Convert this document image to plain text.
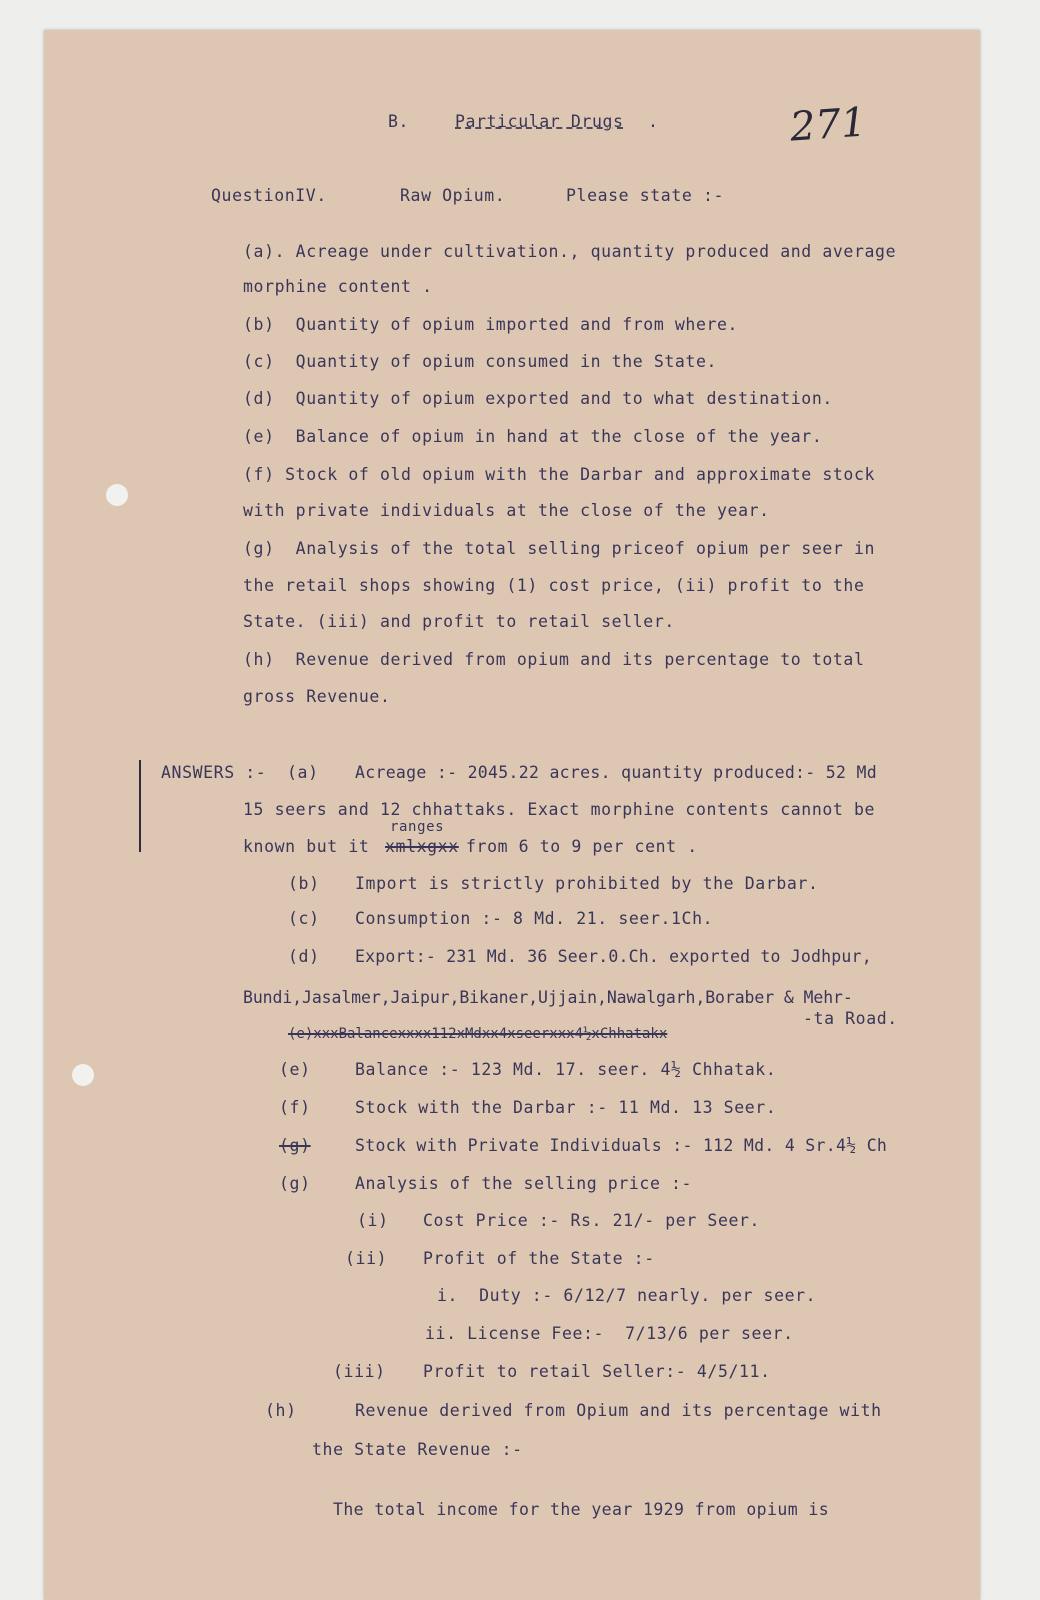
B.	Particular Drugs .	271
QuestionIV.	Raw Opium.	Please state :-
(a). Acreage under cultivation., quantity produced and average
morphine content .
(b)  Quantity of opium imported and from where.
(c)  Quantity of opium consumed in the State.
(d)  Quantity of opium exported and to what destination.
(e)  Balance of opium in hand at the close of the year.
(f) Stock of old opium with the Darbar and approximate stock
with private individuals at the close of the year.
(g)  Analysis of the total selling priceof opium per seer in
the retail shops showing (1) cost price, (ii) profit to the
State. (iii) and profit to retail seller.
(h)  Revenue derived from opium and its percentage to total
gross Revenue.
ANSWERS :- (a) Acreage :- 2045.22 acres. quantity produced:- 52 Md
15 seers and 12 chhattaks. Exact morphine contents cannot be
ranges
known but it xmlxgxx from 6 to 9 per cent .
(b) Import is strictly prohibited by the Darbar.
(c) Consumption :- 8 Md. 21. seer.1Ch.
(d) Export:- 231 Md. 36 Seer.0.Ch. exported to Jodhpur,
Bundi,Jasalmer,Jaipur,Bikaner,Ujjain,Nawalgarh,Boraber & Mehr-
-ta Road.
(e)xxxBalancexxxx112xMdxx4xseerxxx4½xChhatakx
(e)	Balance :- 123 Md. 17. seer. 4½ Chhatak.
(f)	Stock with the Darbar :- 11 Md. 13 Seer.
(g)	Stock with Private Individuals :- 112 Md. 4 Sr.4½ Ch
(g)	Analysis of the selling price :-
(i) Cost Price :- Rs. 21/- per Seer.
(ii) Profit of the State :-
i.  Duty :- 6/12/7 nearly. per seer.
ii. License Fee:-  7/13/6 per seer.
(iii) Profit to retail Seller:- 4/5/11.
(h)	Revenue derived from Opium and its percentage with
the State Revenue :-
The total income for the year 1929 from opium is
